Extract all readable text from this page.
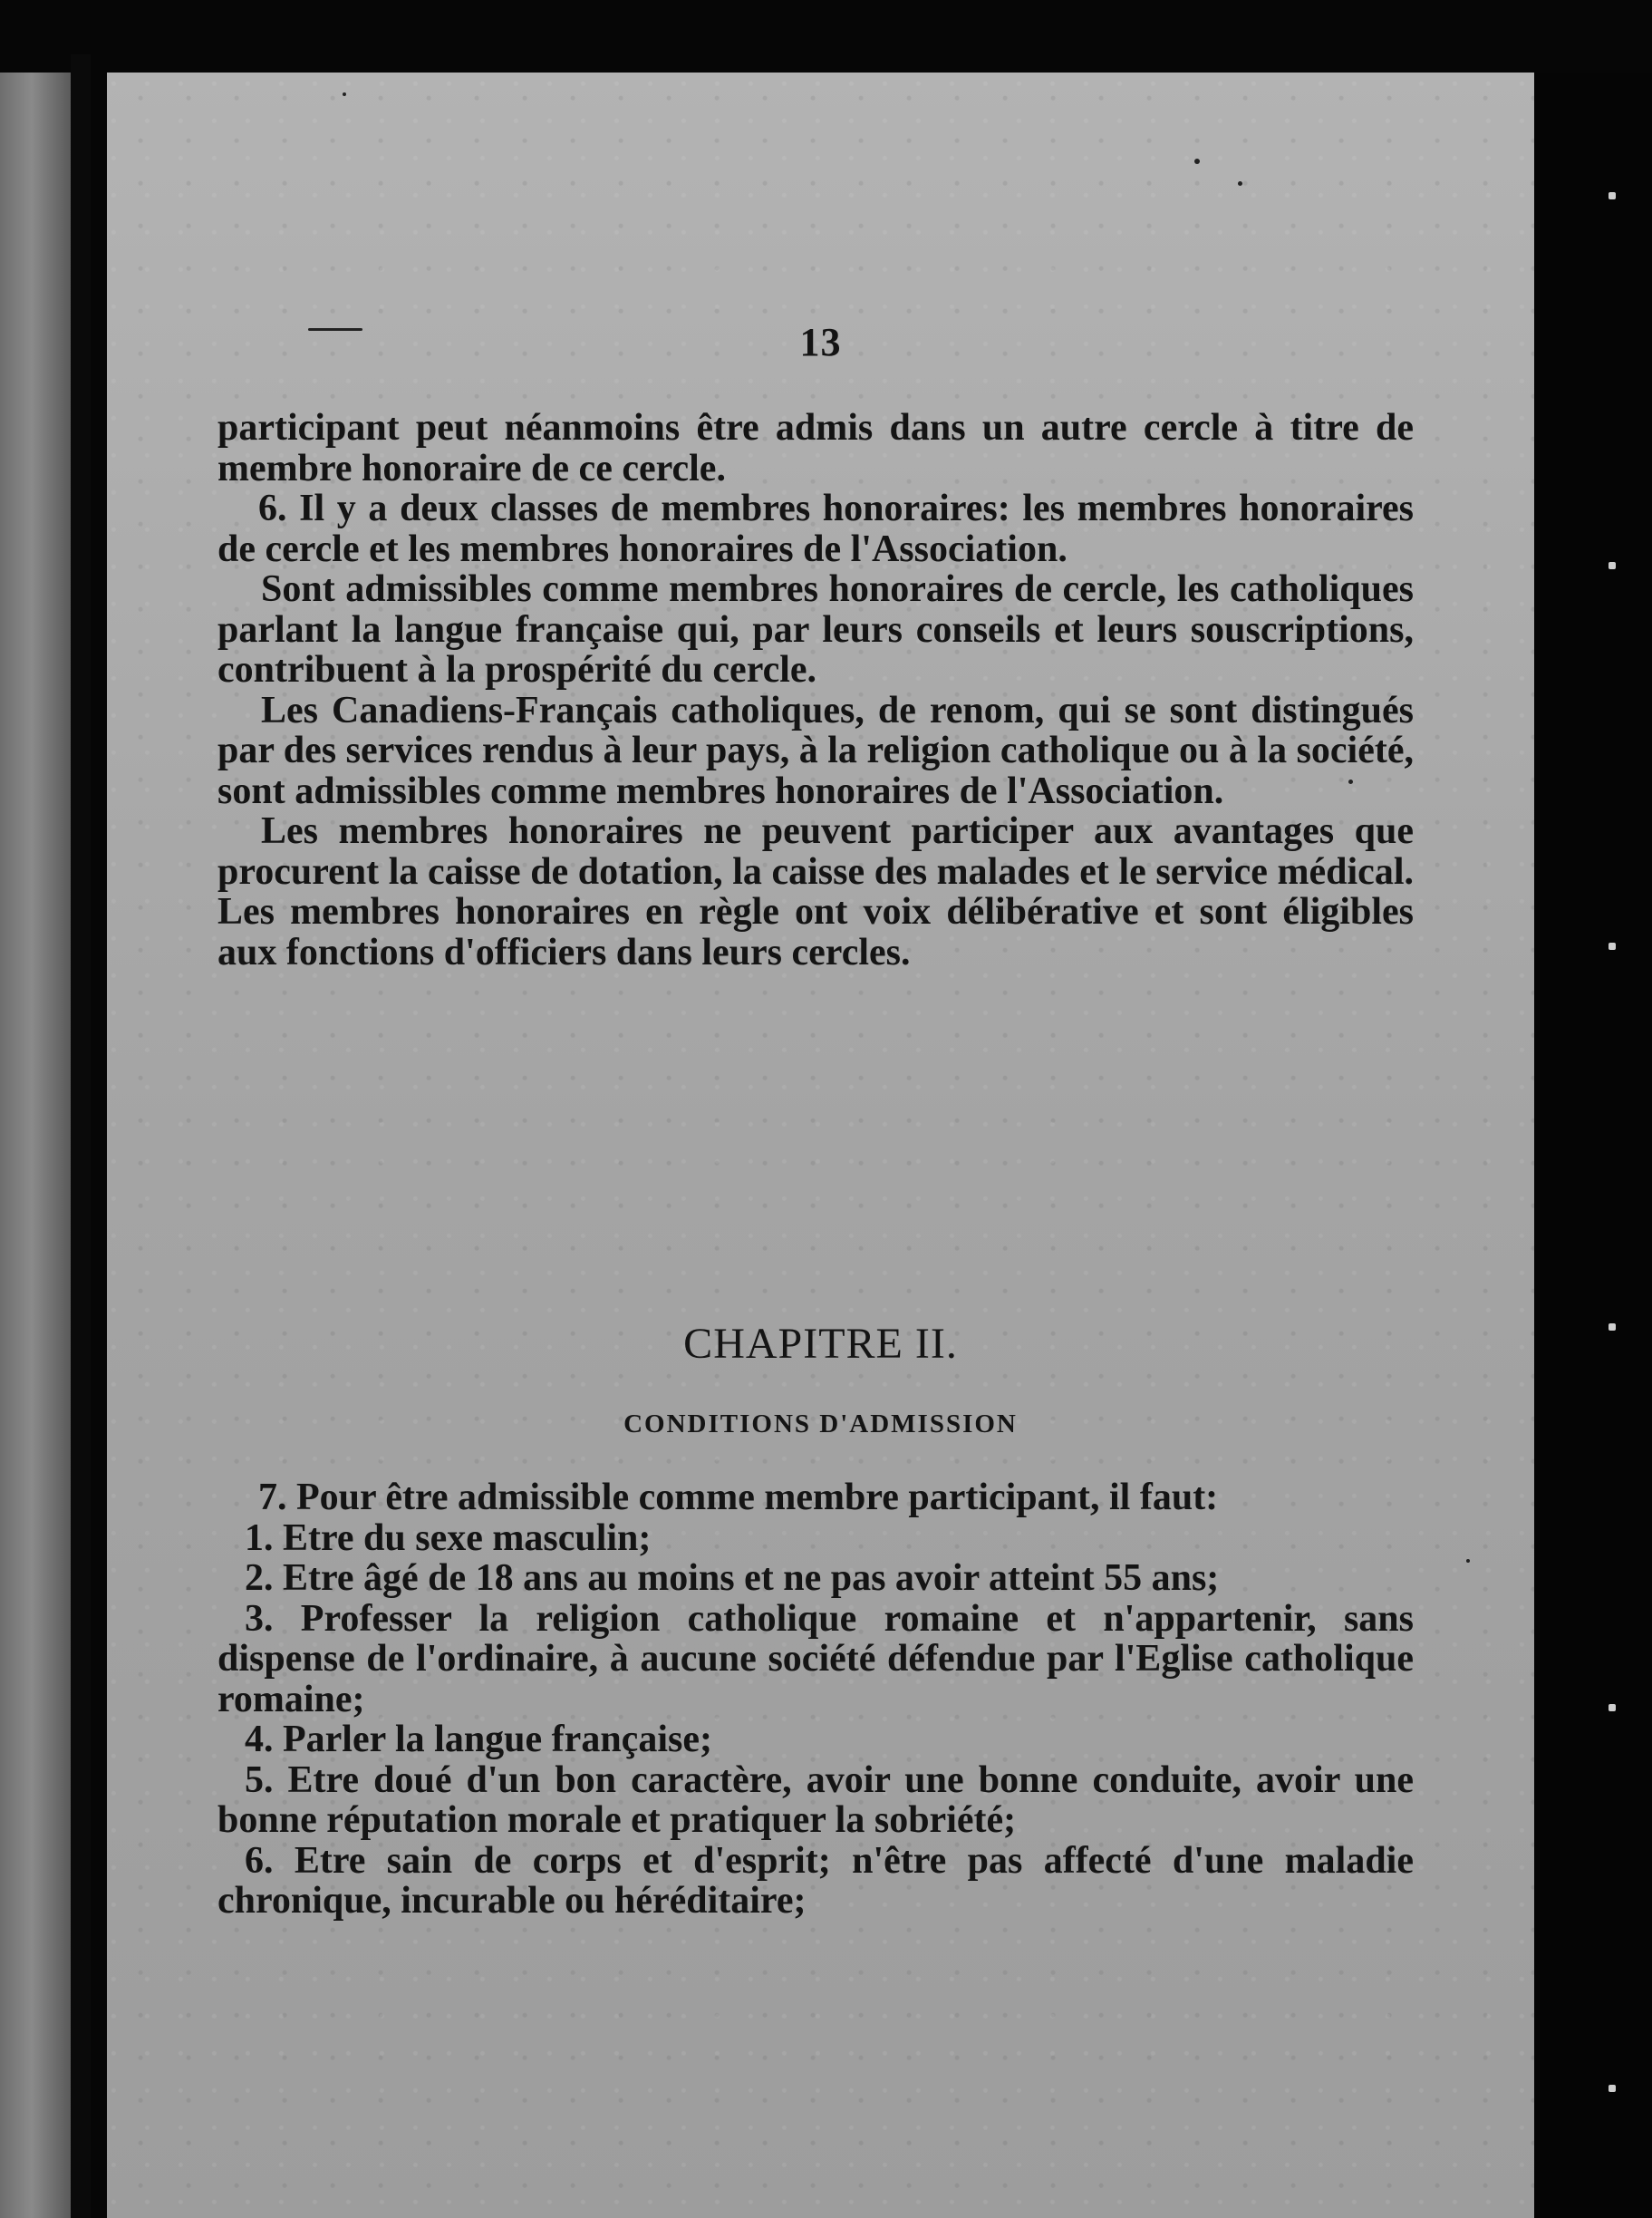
13

participant peut néanmoins être admis dans un autre cercle à titre de membre honoraire de ce cercle.

6. Il y a deux classes de membres honoraires: les membres honoraires de cercle et les membres honoraires de l'Association.

Sont admissibles comme membres honoraires de cercle, les catholiques parlant la langue française qui, par leurs conseils et leurs souscriptions, contribuent à la prospérité du cercle.

Les Canadiens-Français catholiques, de renom, qui se sont distingués par des services rendus à leur pays, à la religion catholique ou à la société, sont admissibles comme membres honoraires de l'Association.

Les membres honoraires ne peuvent participer aux avantages que procurent la caisse de dotation, la caisse des malades et le service médical. Les membres honoraires en règle ont voix délibérative et sont éligibles aux fonctions d'officiers dans leurs cercles.

CHAPITRE II.
CONDITIONS D'ADMISSION

7. Pour être admissible comme membre participant, il faut:

1. Etre du sexe masculin;

2. Etre âgé de 18 ans au moins et ne pas avoir atteint 55 ans;

3. Professer la religion catholique romaine et n'appartenir, sans dispense de l'ordinaire, à aucune société défendue par l'Eglise catholique romaine;

4. Parler la langue française;

5. Etre doué d'un bon caractère, avoir une bonne conduite, avoir une bonne réputation morale et pratiquer la sobriété;

6. Etre sain de corps et d'esprit; n'être pas affecté d'une maladie chronique, incurable ou héréditaire;
